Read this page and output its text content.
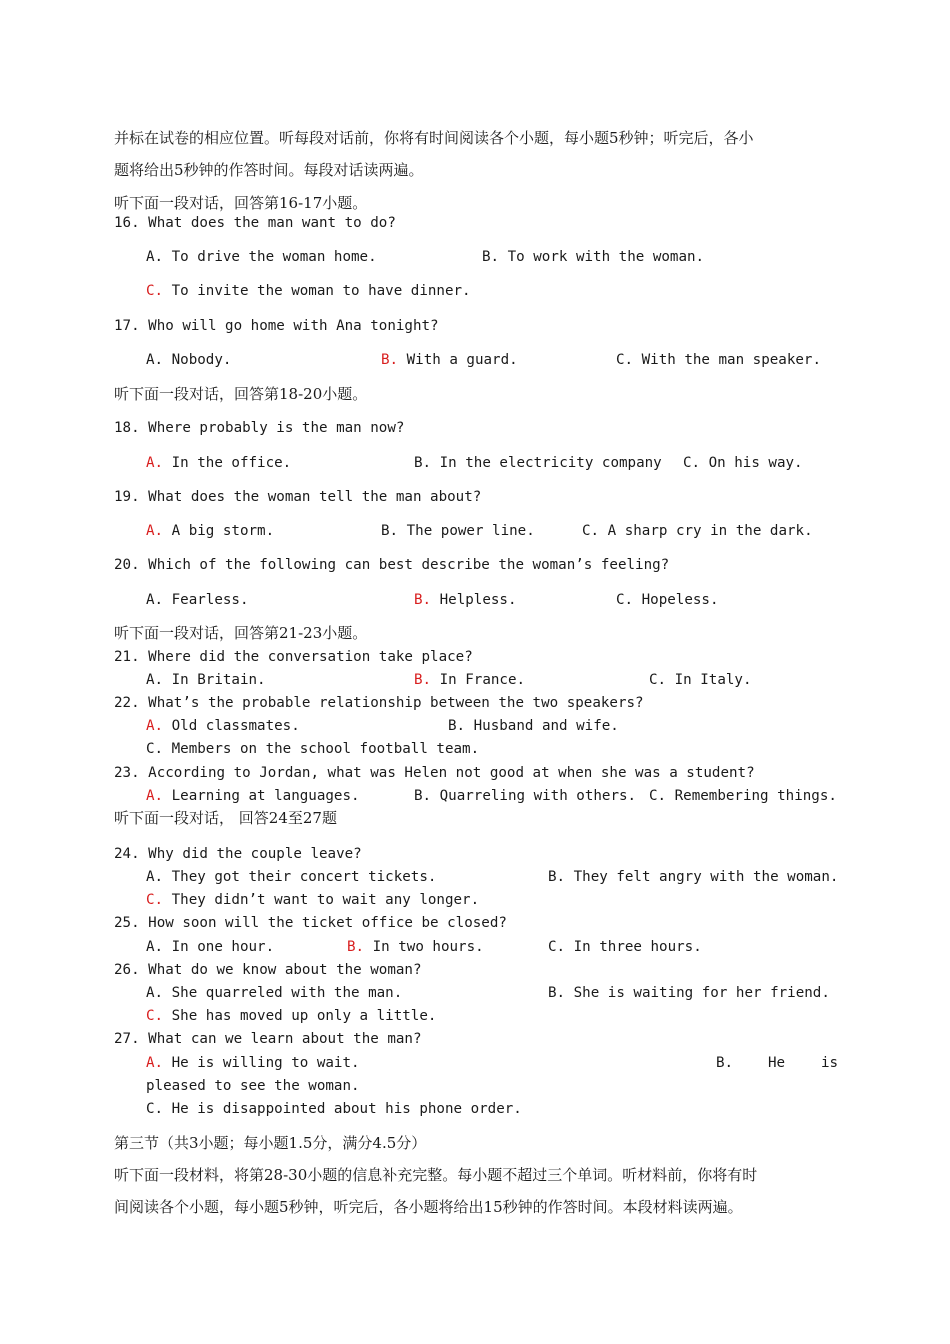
并标在试卷的相应位置。听每段对话前，你将有时间阅读各个小题，每小题5秒钟；听完后，各小
题将给出5秒钟的作答时间。每段对话读两遍。
听下面一段对话，回答第16-17小题。
16. What does the man want to do?
A. To drive the woman home.	B. To work with the woman.
C. To invite the woman to have dinner.
17. Who will go home with Ana tonight?
A. Nobody.	B. With a guard.	C. With the man speaker.
听下面一段对话，回答第18-20小题。
18. Where probably is the man now?
A. In the office.	B. In the electricity company C. On his way.
19. What does the woman tell the man about?
A. A big storm.	B. The power line.	C. A sharp cry in the dark.
20. Which of the following can best describe the woman’s feeling?
A. Fearless.	B. Helpless.	C. Hopeless.
听下面一段对话，回答第21-23小题。
21. Where did the conversation take place?
A. In Britain.	B. In France.	C. In Italy.
22. What’s the probable relationship between the two speakers?
A. Old classmates.	B. Husband and wife.
C. Members on the school football team.
23. According to Jordan, what was Helen not good at when she was a student?
A. Learning at languages.	B. Quarreling with others. C. Remembering things.
听下面一段对话， 回答24至27题
24. Why did the couple leave?
A. They got their concert tickets.	B. They felt angry with the woman.
C. They didn’t want to wait any longer.
25. How soon will the ticket office be closed?
A. In one hour.	B. In two hours.	C. In three hours.
26. What do we know about the woman?
A. She quarreled with the man.	B. She is waiting for her friend.
C. She has moved up only a little.
27. What can we learn about the man?
A. He is willing to wait.	B. He	is
pleased to see the woman.
C. He is disappointed about his phone order.
第三节（共3小题；每小题1.5分，满分4.5分）
听下面一段材料，将第28-30小题的信息补充完整。每小题不超过三个单词。听材料前，你将有时
间阅读各个小题，每小题5秒钟，听完后，各小题将给出15秒钟的作答时间。本段材料读两遍。
